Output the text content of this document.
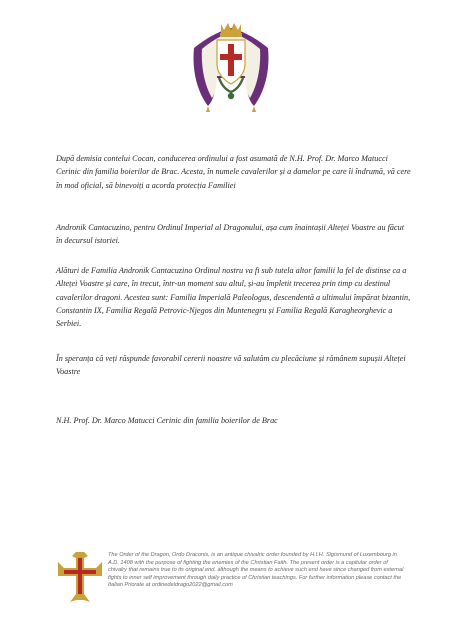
După demisia contelui Cocan, conducerea ordinului a fost asumată de N.H. Prof. Dr. Marco Matucci Cerinic din familia boierilor de Brac. Acesta, în numele cavalerilor și a damelor pe care îi îndrumă, vă cere în mod oficial, să binevoiți a acorda protecția Familiei

Andronik Cantacuzino, pentru Ordinul Imperial al Dragonului, așa cum înaintașii Alteței Voastre au făcut în decursul istoriei.

Alături de Familia Andronik Cantacuzino Ordinul nostru va fi sub tutela altor familii la fel de distinse ca a Alteței Voastre și care, în trecut, într-un moment sau altul, și-au împletit trecerea prin timp cu destinul cavalerilor dragoni. Acestea sunt: Familia Imperială Paleologus, descendentă a ultimului împărat bizantin, Constantin IX, Familia Regală Petrovic-Njegos din Muntenegru și Familia Regală Karagheorghevic a Serbiei.

În speranța că veți răspunde favorabil cererii noastre vă salutăm cu plecăciune și rămânem supușii Alteței Voastre

N.H. Prof. Dr. Marco Matucci Cerinic din familia boierilor de Brac

The Order of the Dragon, Ordo Draconis, is an antique chivalric order founded by H.I.H. Sigismund of Luxembourg in A.D. 1408 with the purpose of fighting the enemies of the Christian Faith. The present order is a capitular order of chivalry that remains true to its original end, although the means to achieve such end have since changed from external fights to inner self improvement through daily practice of Christian teachings. For further information please contact the Italian Priorate at ordinedeldrago2022@gmail.com
